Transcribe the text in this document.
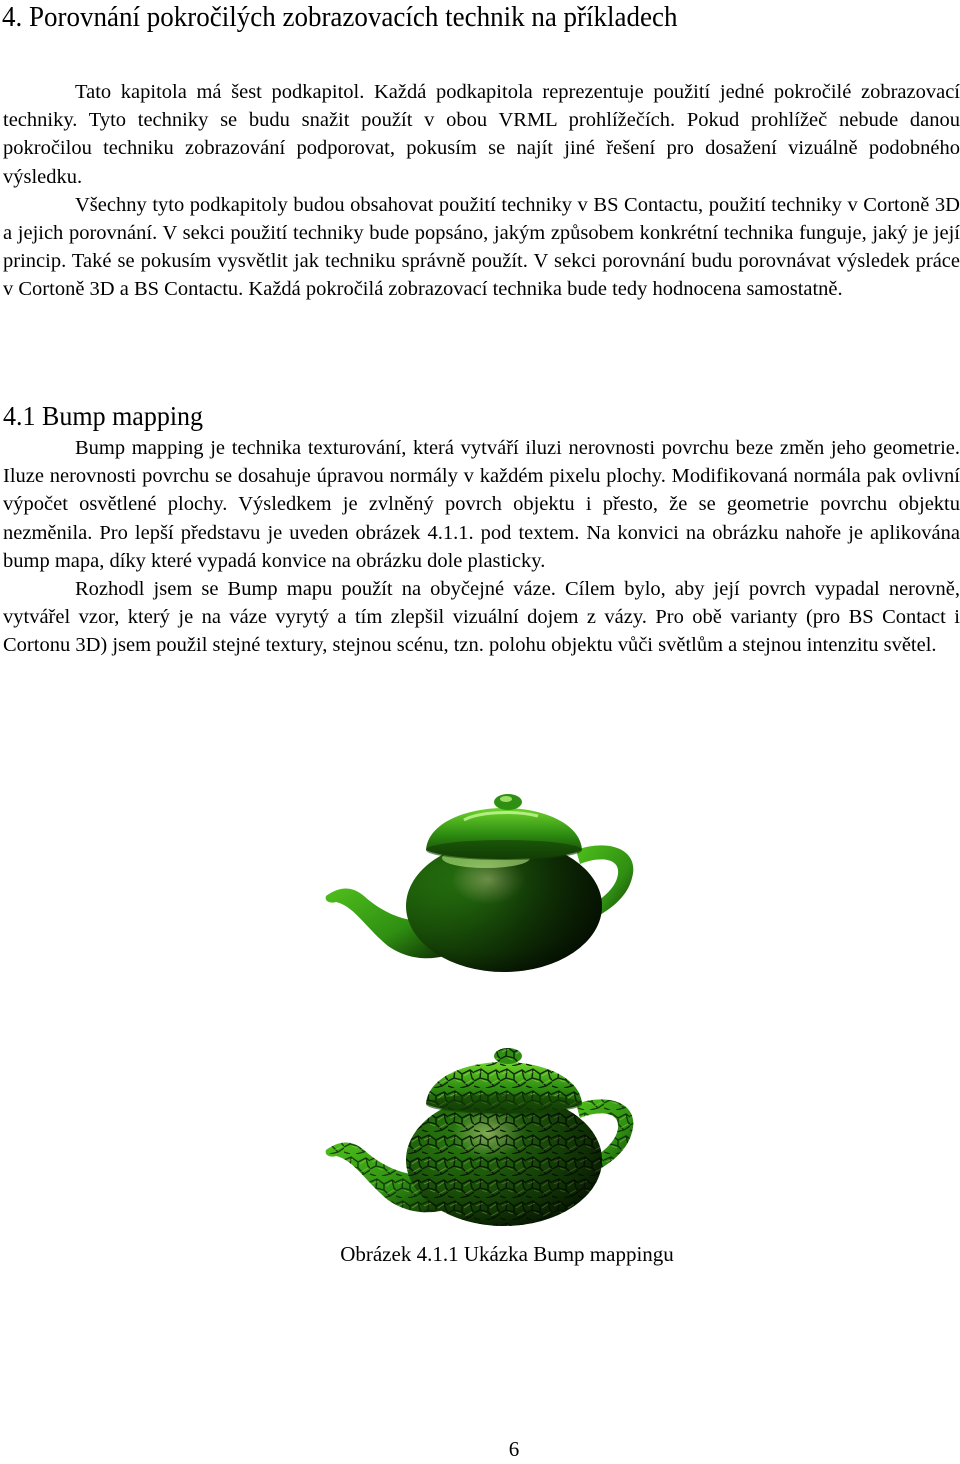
4. Porovnání pokročilých zobrazovacích technik na příkladech

Tato kapitola má šest podkapitol. Každá podkapitola reprezentuje použití jedné pokročilé zobrazovací techniky. Tyto techniky se budu snažit použít v obou VRML prohlížečích. Pokud prohlížeč nebude danou pokročilou techniku zobrazování podporovat, pokusím se najít jiné řešení pro dosažení vizuálně podobného výsledku.

Všechny tyto podkapitoly budou obsahovat použití techniky v BS Contactu, použití techniky v Cortoně 3D a jejich porovnání. V sekci použití techniky bude popsáno, jakým způsobem konkrétní technika funguje, jaký je její princip. Také se pokusím vysvětlit jak techniku správně použít. V sekci porovnání budu porovnávat výsledek práce v Cortoně 3D a BS Contactu. Každá pokročilá zobrazovací technika bude tedy hodnocena samostatně.

4.1 Bump mapping

Bump mapping je technika texturování, která vytváří iluzi nerovnosti povrchu beze změn jeho geometrie. Iluze nerovnosti povrchu se dosahuje úpravou normály v každém pixelu plochy. Modifikovaná normála pak ovlivní výpočet osvětlené plochy. Výsledkem je zvlněný povrch objektu i přesto, že se geometrie povrchu objektu nezměnila. Pro lepší představu je uveden obrázek 4.1.1. pod textem. Na konvici na obrázku nahoře je aplikována bump mapa, díky které vypadá konvice na obrázku dole plasticky.

Rozhodl jsem se Bump mapu použít na obyčejné váze. Cílem bylo, aby její povrch vypadal nerovně, vytvářel vzor, který je na váze vyrytý a tím zlepšil vizuální dojem z vázy. Pro obě varianty (pro BS Contact i Cortonu 3D) jsem použil stejné textury, stejnou scénu, tzn. polohu objektu vůči světlům a stejnou intenzitu světel.

Obrázek 4.1.1 Ukázka Bump mappingu

6
